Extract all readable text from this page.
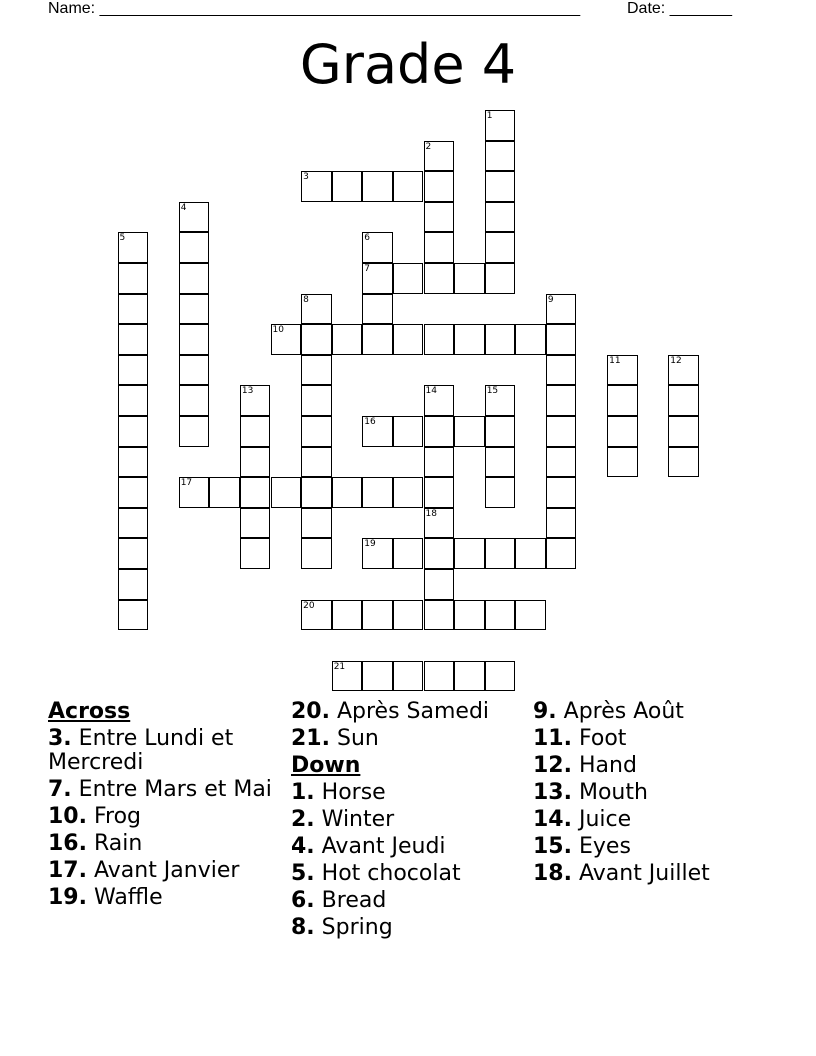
Name: ______________________________________________________	Date: _______
Grade 4
1
2
3
4
5	6
7
8	9
10
11	12
13	14	15
16
17
18
19
20
21
Across
3. Entre Lundi et Mercredi
7. Entre Mars et Mai
10. Frog
16. Rain
17. Avant Janvier
19. Waffle
20. Après Samedi
21. Sun
Down
1. Horse
2. Winter
4. Avant Jeudi
5. Hot chocolat
6. Bread
8. Spring
9. Après Août
11. Foot
12. Hand
13. Mouth
14. Juice
15. Eyes
18. Avant Juillet
